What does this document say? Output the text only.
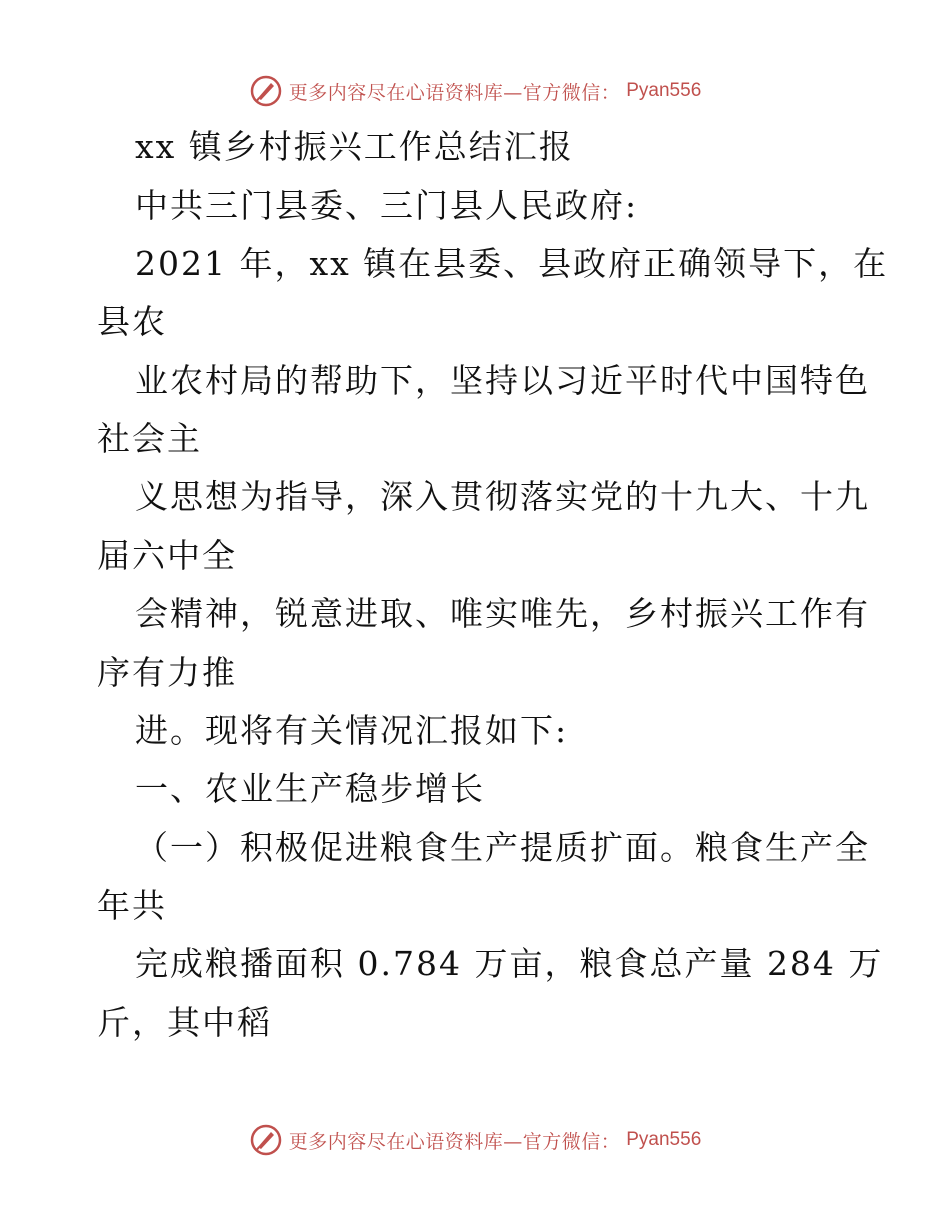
更多内容尽在心语资料库—官方微信： Pyan556
xx 镇乡村振兴工作总结汇报
中共三门县委、三门县人民政府:
2021 年，xx 镇在县委、县政府正确领导下，在
县农
业农村局的帮助下，坚持以习近平时代中国特色
社会主
义思想为指导，深入贯彻落实党的十九大、十九
届六中全
会精神，锐意进取、唯实唯先，乡村振兴工作有
序有力推
进。现将有关情况汇报如下:
一、农业生产稳步增长
（一）积极促进粮食生产提质扩面。粮食生产全
年共
完成粮播面积 0.784 万亩，粮食总产量 284 万
斤，其中稻
更多内容尽在心语资料库—官方微信： Pyan556
